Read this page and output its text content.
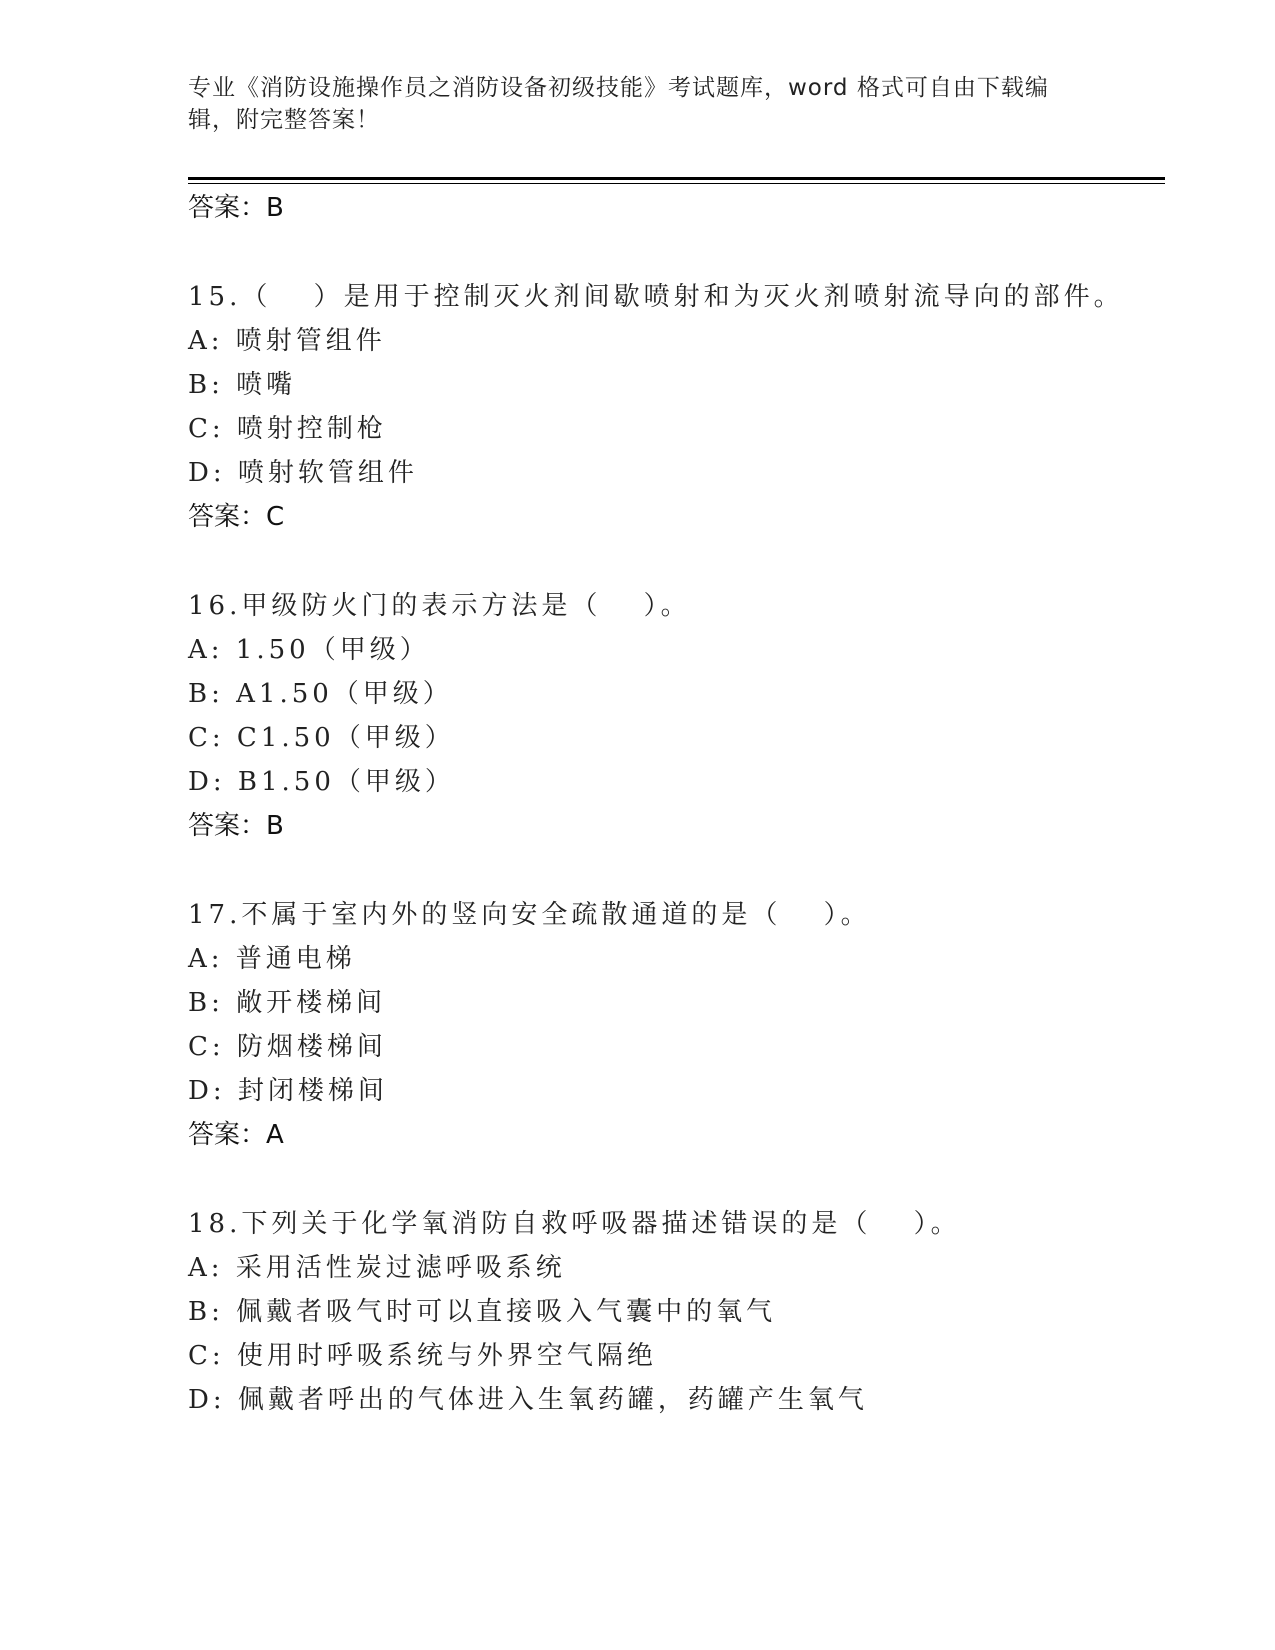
专业《消防设施操作员之消防设备初级技能》考试题库，word 格式可自由下载编
辑，附完整答案！
答案：B
15.（　 ）是用于控制灭火剂间歇喷射和为灭火剂喷射流导向的部件。
A: 喷射管组件
B: 喷嘴
C: 喷射控制枪
D: 喷射软管组件
答案：C
16.甲级防火门的表示方法是（　 ）。
A: 1.50（甲级）
B: A1.50（甲级）
C: C1.50（甲级）
D: B1.50（甲级）
答案：B
17.不属于室内外的竖向安全疏散通道的是（　 ）。
A: 普通电梯
B: 敞开楼梯间
C: 防烟楼梯间
D: 封闭楼梯间
答案：A
18.下列关于化学氧消防自救呼吸器描述错误的是（　 ）。
A: 采用活性炭过滤呼吸系统
B: 佩戴者吸气时可以直接吸入气囊中的氧气
C: 使用时呼吸系统与外界空气隔绝
D: 佩戴者呼出的气体进入生氧药罐，药罐产生氧气
